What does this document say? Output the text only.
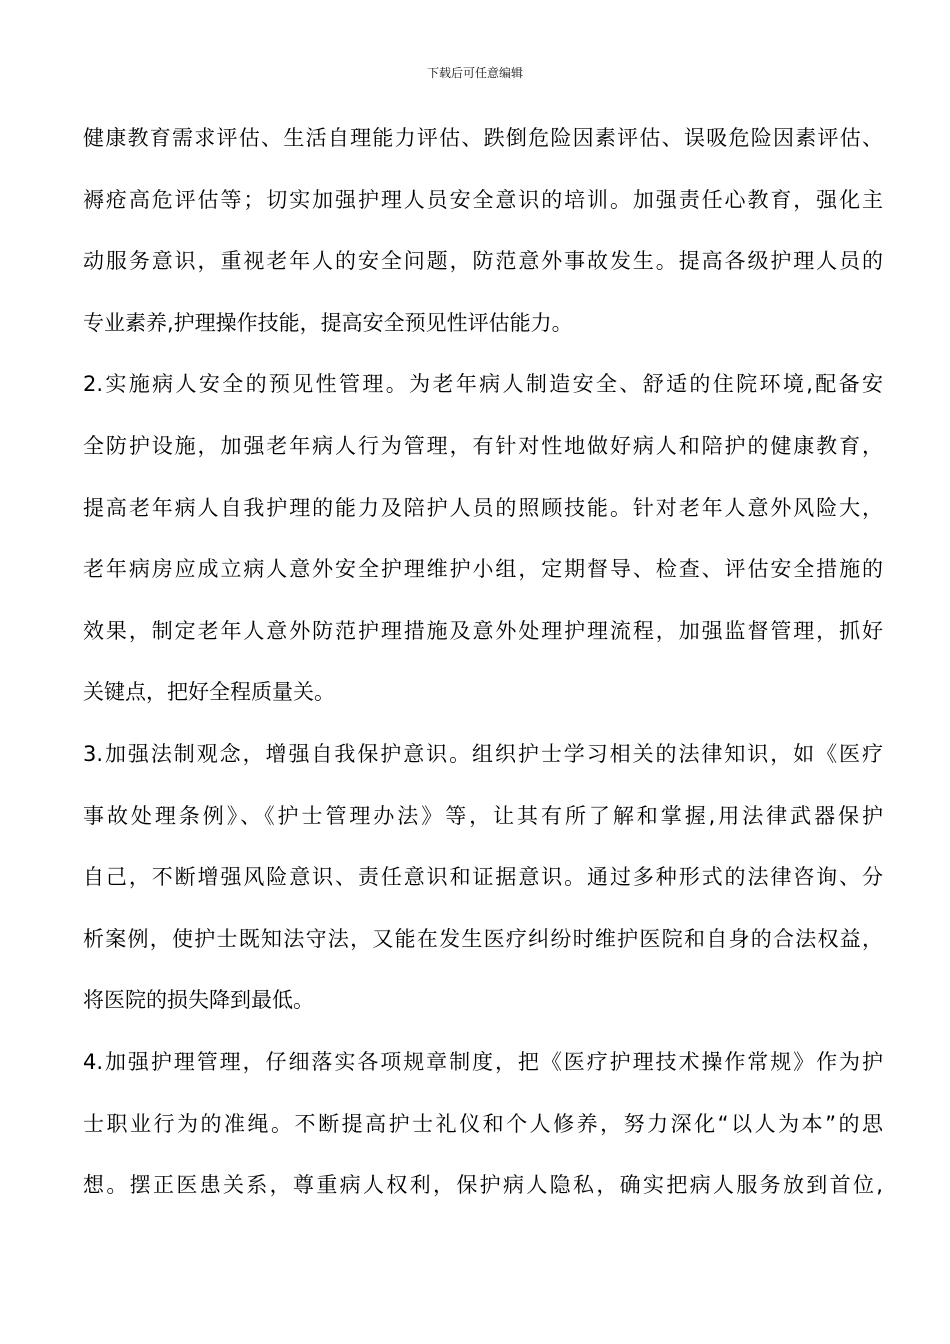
下载后可任意编辑
健康教育需求评估、生活自理能力评估、跌倒危险因素评估、误吸危险因素评估、
褥疮高危评估等；切实加强护理人员安全意识的培训。加强责任心教育，强化主
动服务意识，重视老年人的安全问题，防范意外事故发生。提高各级护理人员的
专业素养,护理操作技能，提高安全预见性评估能力。
2.实施病人安全的预见性管理。为老年病人制造安全、舒适的住院环境,配备安
全防护设施，加强老年病人行为管理，有针对性地做好病人和陪护的健康教育，
提高老年病人自我护理的能力及陪护人员的照顾技能。针对老年人意外风险大，
老年病房应成立病人意外安全护理维护小组，定期督导、检查、评估安全措施的
效果，制定老年人意外防范护理措施及意外处理护理流程，加强监督管理，抓好
关键点，把好全程质量关。
3.加强法制观念，增强自我保护意识。组织护士学习相关的法律知识，如《医疗
事故处理条例》、《护士管理办法》等，让其有所了解和掌握,用法律武器保护
自己，不断增强风险意识、责任意识和证据意识。通过多种形式的法律咨询、分
析案例，使护士既知法守法，又能在发生医疗纠纷时维护医院和自身的合法权益，
将医院的损失降到最低。
4.加强护理管理，仔细落实各项规章制度，把《医疗护理技术操作常规》作为护
士职业行为的准绳。不断提高护士礼仪和个人修养，努力深化“以人为本”的思
想。摆正医患关系，尊重病人权利，保护病人隐私，确实把病人服务放到首位,
